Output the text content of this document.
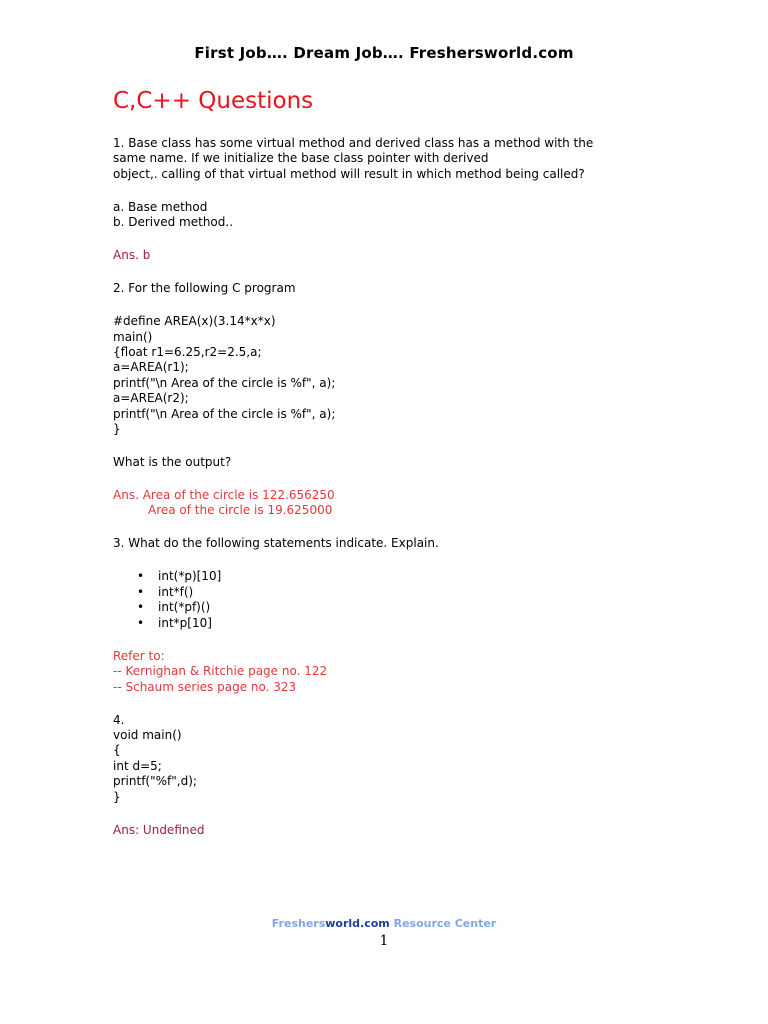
First Job…. Dream Job…. Freshersworld.com
C,C++ Questions

1. Base class has some virtual method and derived class has a method with the

same name. If we initialize the base class pointer with derived

object,. calling of that virtual method will result in which method being called?

a. Base method

b. Derived method..

Ans. b

2. For the following C program

#define AREA(x)(3.14*x*x)

main()

{float r1=6.25,r2=2.5,a;

a=AREA(r1);

printf("\n Area of the circle is %f", a);

a=AREA(r2);

printf("\n Area of the circle is %f", a);

}

What is the output?

Ans. Area of the circle is 122.656250

Area of the circle is 19.625000

3. What do the following statements indicate. Explain.

• int(*p)[10]
• int*f()
• int(*pf)()
• int*p[10]

Refer to:

-- Kernighan & Ritchie page no. 122

-- Schaum series page no. 323

4.

void main()

{

int d=5;

printf("%f",d);

}

Ans: Undefined

Freshersworld.com Resource Center
1
